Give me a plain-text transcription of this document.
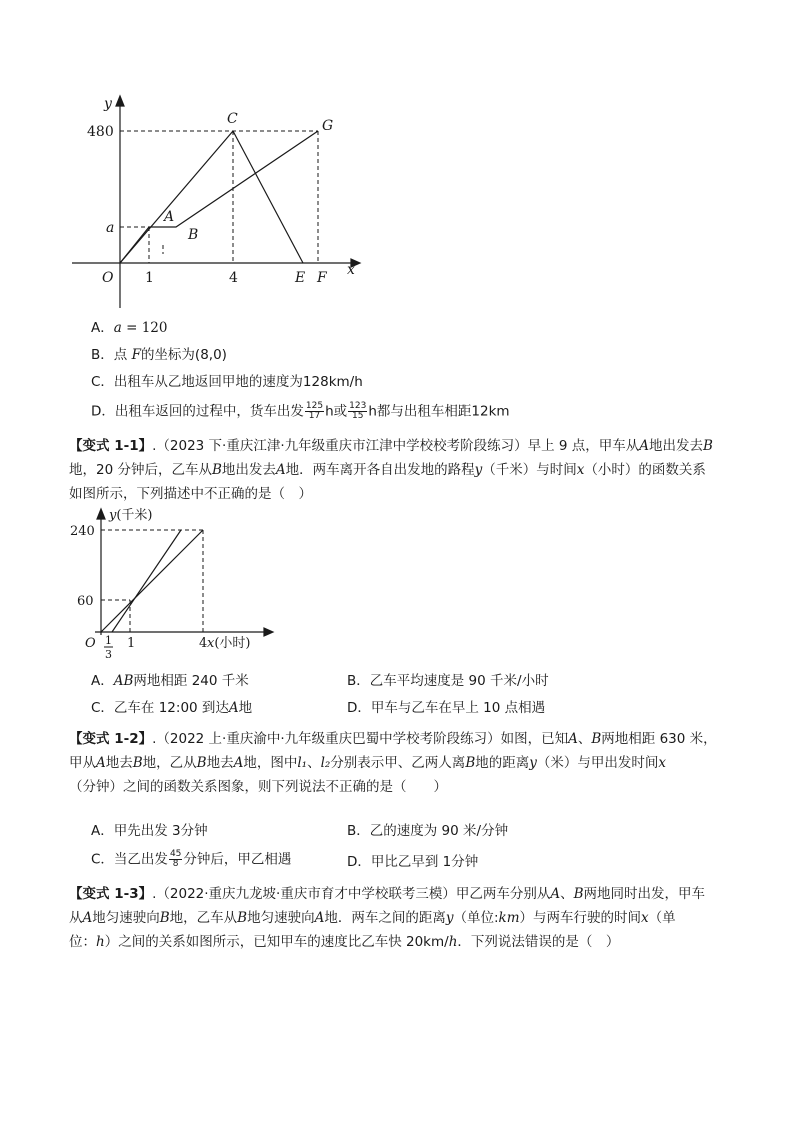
y
x
O
480
a
1	4
C	G
A
B
E F
A．a = 120
B．点 F的坐标为(8,0)
C．出租车从乙地返回甲地的速度为128km/h
D．出租车返回的过程中，货车出发 $\frac{125}{17}$ h或 $\frac{123}{15}$ h都与出租车相距12km
【变式 1-1】.（2023 下·重庆江津·九年级重庆市江津中学校校考阶段练习）早上 9 点，甲车从A地出发去B
地，20 分钟后，乙车从B地出发去A地．两车离开各自出发地的路程y（千米）与时间x（小时）的函数关系
如图所示，下列描述中不正确的是（　）
y(千米)
x(小时)
O
240
60
1
3
1	4
A．AB两地相距 240 千米	B．乙车平均速度是 90 千米/小时
C．乙车在 12:00 到达A地	D．甲车与乙车在早上 10 点相遇
【变式 1-2】.（2022 上·重庆渝中·九年级重庆巴蜀中学校考阶段练习）如图，已知A、B两地相距 630 米，
甲从A地去B地，乙从B地去A地，图中l₁、l₂分别表示甲、乙两人离B地的距离y（米）与甲出发时间x
（分钟）之间的函数关系图象，则下列说法不正确的是（　　）
A．甲先出发 3分钟	B．乙的速度为 90 米/分钟
C．当乙出发 $\frac{45}{8}$ 分钟后，甲乙相遇	D．甲比乙早到 1分钟
【变式 1-3】.（2022·重庆九龙坡·重庆市育才中学校联考三模）甲乙两车分别从A、B两地同时出发，甲车
从A地匀速驶向B地，乙车从B地匀速驶向A地．两车之间的距离y（单位:km）与两车行驶的时间x（单
位：h）之间的关系如图所示，已知甲车的速度比乙车快 20km/h．下列说法错误的是（　）
